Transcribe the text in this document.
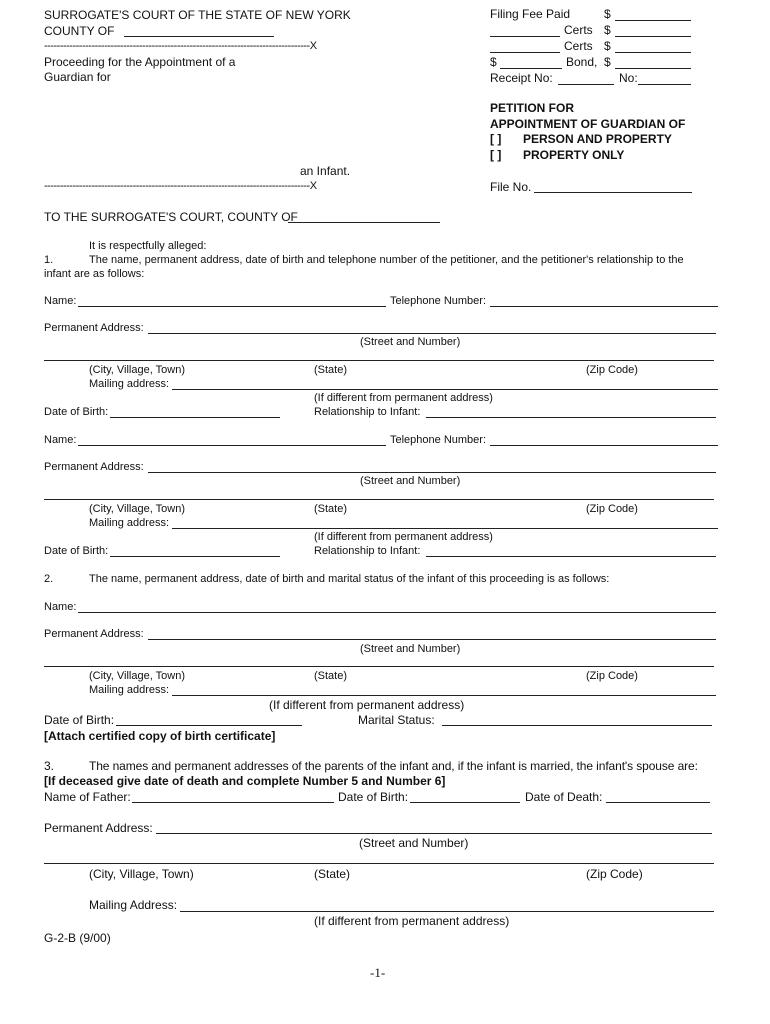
SURROGATE'S COURT OF THE STATE OF NEW YORK
COUNTY OF
------------------------------------------------------------------------------------X
Proceeding for the Appointment of a
Guardian for
an Infant.
------------------------------------------------------------------------------------X
Filing Fee Paid	$
Certs $
Certs $
$	Bond, $
Receipt No:	No:
PETITION FOR
APPOINTMENT OF GUARDIAN OF
[ ] PERSON AND PROPERTY
[ ] PROPERTY ONLY
File No.
TO THE SURROGATE'S COURT, COUNTY OF
It is respectfully alleged:
1.	The name, permanent address, date of birth and telephone number of the petitioner, and the petitioner's relationship to the
infant are as follows:
Name:	Telephone Number:
Permanent Address:
(Street and Number)
(City, Village, Town)	(State)	(Zip Code)
Mailing address:
(If different from permanent address)
Date of Birth:	Relationship to Infant:
Name:	Telephone Number:
Permanent Address:
(Street and Number)
(City, Village, Town)	(State)	(Zip Code)
Mailing address:
(If different from permanent address)
Date of Birth:	Relationship to Infant:
2.	The name, permanent address, date of birth and marital status of the infant of this proceeding is as follows:
Name:
Permanent Address:
(Street and Number)
(City, Village, Town)	(State)	(Zip Code)
Mailing address:
(If different from permanent address)
Date of Birth:	Marital Status:
[Attach certified copy of birth certificate]
3.	The names and permanent addresses of the parents of the infant and, if the infant is married, the infant's spouse are:
[If deceased give date of death and complete Number 5 and Number 6]
Name of Father:	Date of Birth:	Date of Death:
Permanent Address:
(Street and Number)
(City, Village, Town)	(State)	(Zip Code)
Mailing Address:
(If different from permanent address)
G-2-B (9/00)
-1-
